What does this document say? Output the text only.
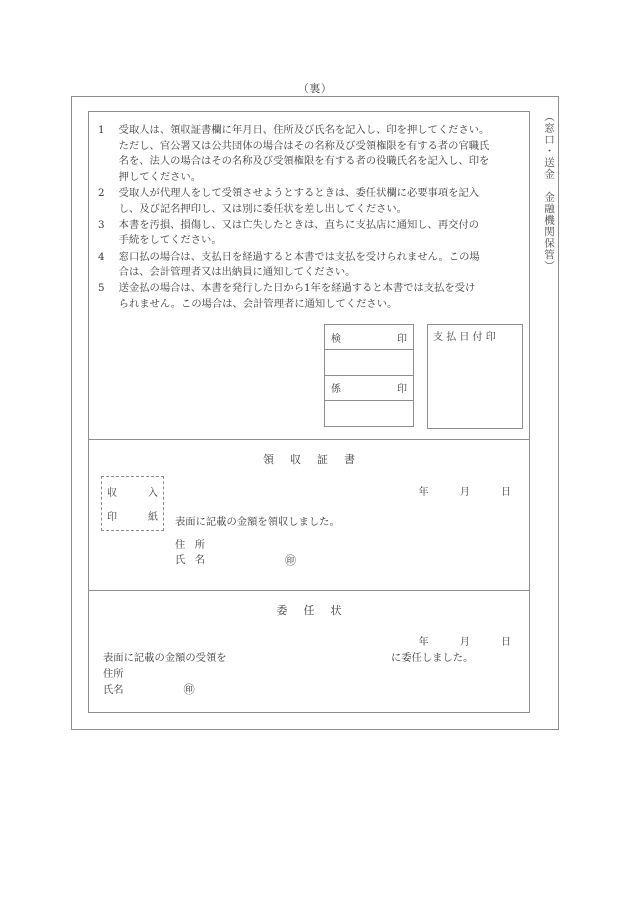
（裏）
（窓口・送金　金融機関保管）
1	受取人は、領収証書欄に年月日、住所及び氏名を記入し、印を押してください。
ただし、官公署又は公共団体の場合はその名称及び受領権限を有する者の官職氏
名を、法人の場合はその名称及び受領権限を有する者の役職氏名を記入し、印を
押してください。
2	受取人が代理人をして受領させようとするときは、委任状欄に必要事項を記入
し、及び記名押印し、又は別に委任状を差し出してください。
3	本書を汚損、損傷し、又は亡失したときは、直ちに支払店に通知し、再交付の
手続をしてください。
4	窓口払の場合は、支払日を経過すると本書では支払を受けられません。この場
合は、会計管理者又は出納員に通知してください。
5	送金払の場合は、本書を発行した日から1年を経過すると本書では支払を受け
られません。この場合は、会計管理者に通知してください。
検	印
係	印
支払日付印
領収証書
収	入
印	紙
年	月	日
表面に記載の金額を領収しました。
住 所
氏 名	㊞
委任状
年	月	日
表面に記載の金額の受領を	に委任しました。
住所
氏名	㊞
